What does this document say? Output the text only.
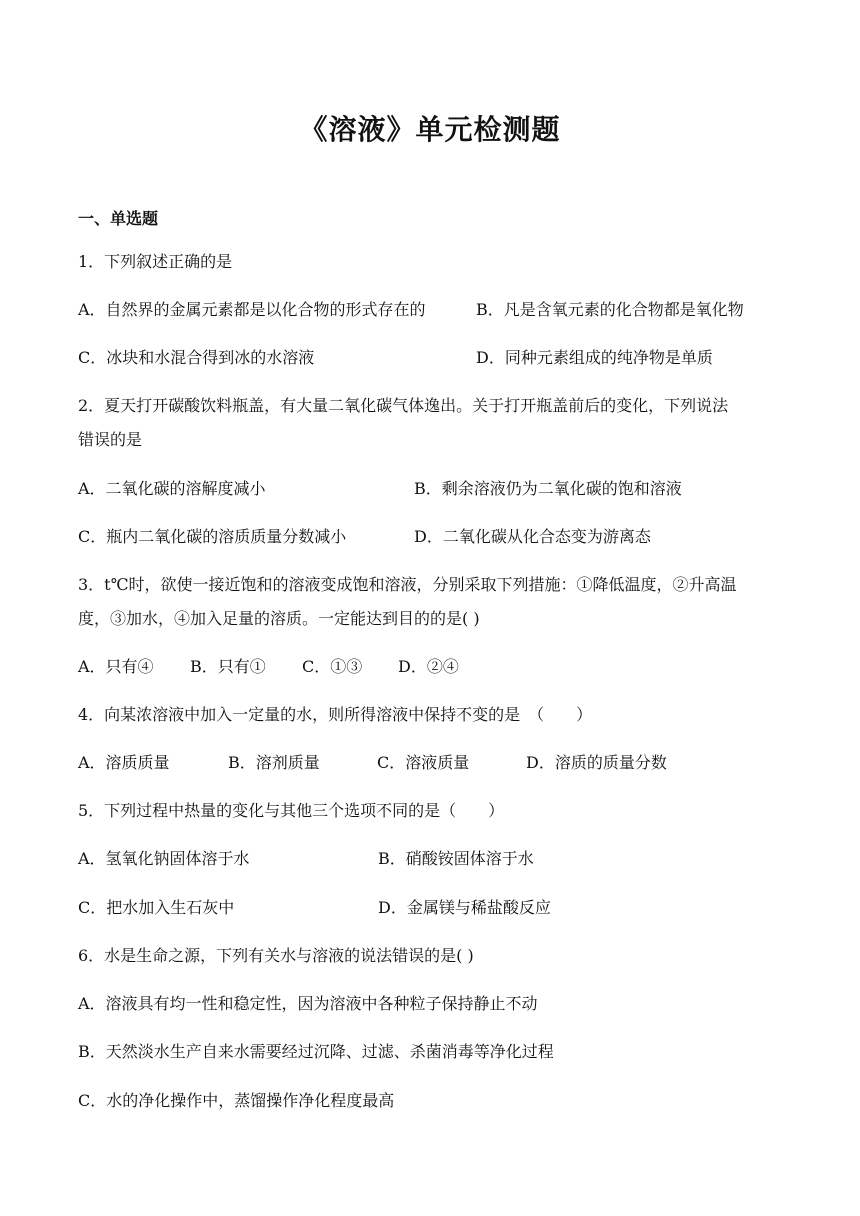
《溶液》单元检测题
一、单选题
1．下列叙述正确的是
A．自然界的金属元素都是以化合物的形式存在的	B．凡是含氧元素的化合物都是氧化物
C．冰块和水混合得到冰的水溶液	D．同种元素组成的纯净物是单质
2．夏天打开碳酸饮料瓶盖，有大量二氧化碳气体逸出。关于打开瓶盖前后的变化，下列说法
错误的是
A．二氧化碳的溶解度减小	B．剩余溶液仍为二氧化碳的饱和溶液
C．瓶内二氧化碳的溶质质量分数减小	D．二氧化碳从化合态变为游离态
3．t℃时，欲使一接近饱和的溶液变成饱和溶液，分别采取下列措施：①降低温度，②升高温
度，③加水，④加入足量的溶质。一定能达到目的的是( )
A．只有④ B．只有① C．①③ D．②④
4．向某浓溶液中加入一定量的水，则所得溶液中保持不变的是　（　　）
A．溶质质量	B．溶剂质量	C．溶液质量	D．溶质的质量分数
5．下列过程中热量的变化与其他三个选项不同的是（　　）
A．氢氧化钠固体溶于水	B．硝酸铵固体溶于水
C．把水加入生石灰中	D．金属镁与稀盐酸反应
6．水是生命之源，下列有关水与溶液的说法错误的是( )
A．溶液具有均一性和稳定性，因为溶液中各种粒子保持静止不动
B．天然淡水生产自来水需要经过沉降、过滤、杀菌消毒等净化过程
C．水的净化操作中，蒸馏操作净化程度最高
